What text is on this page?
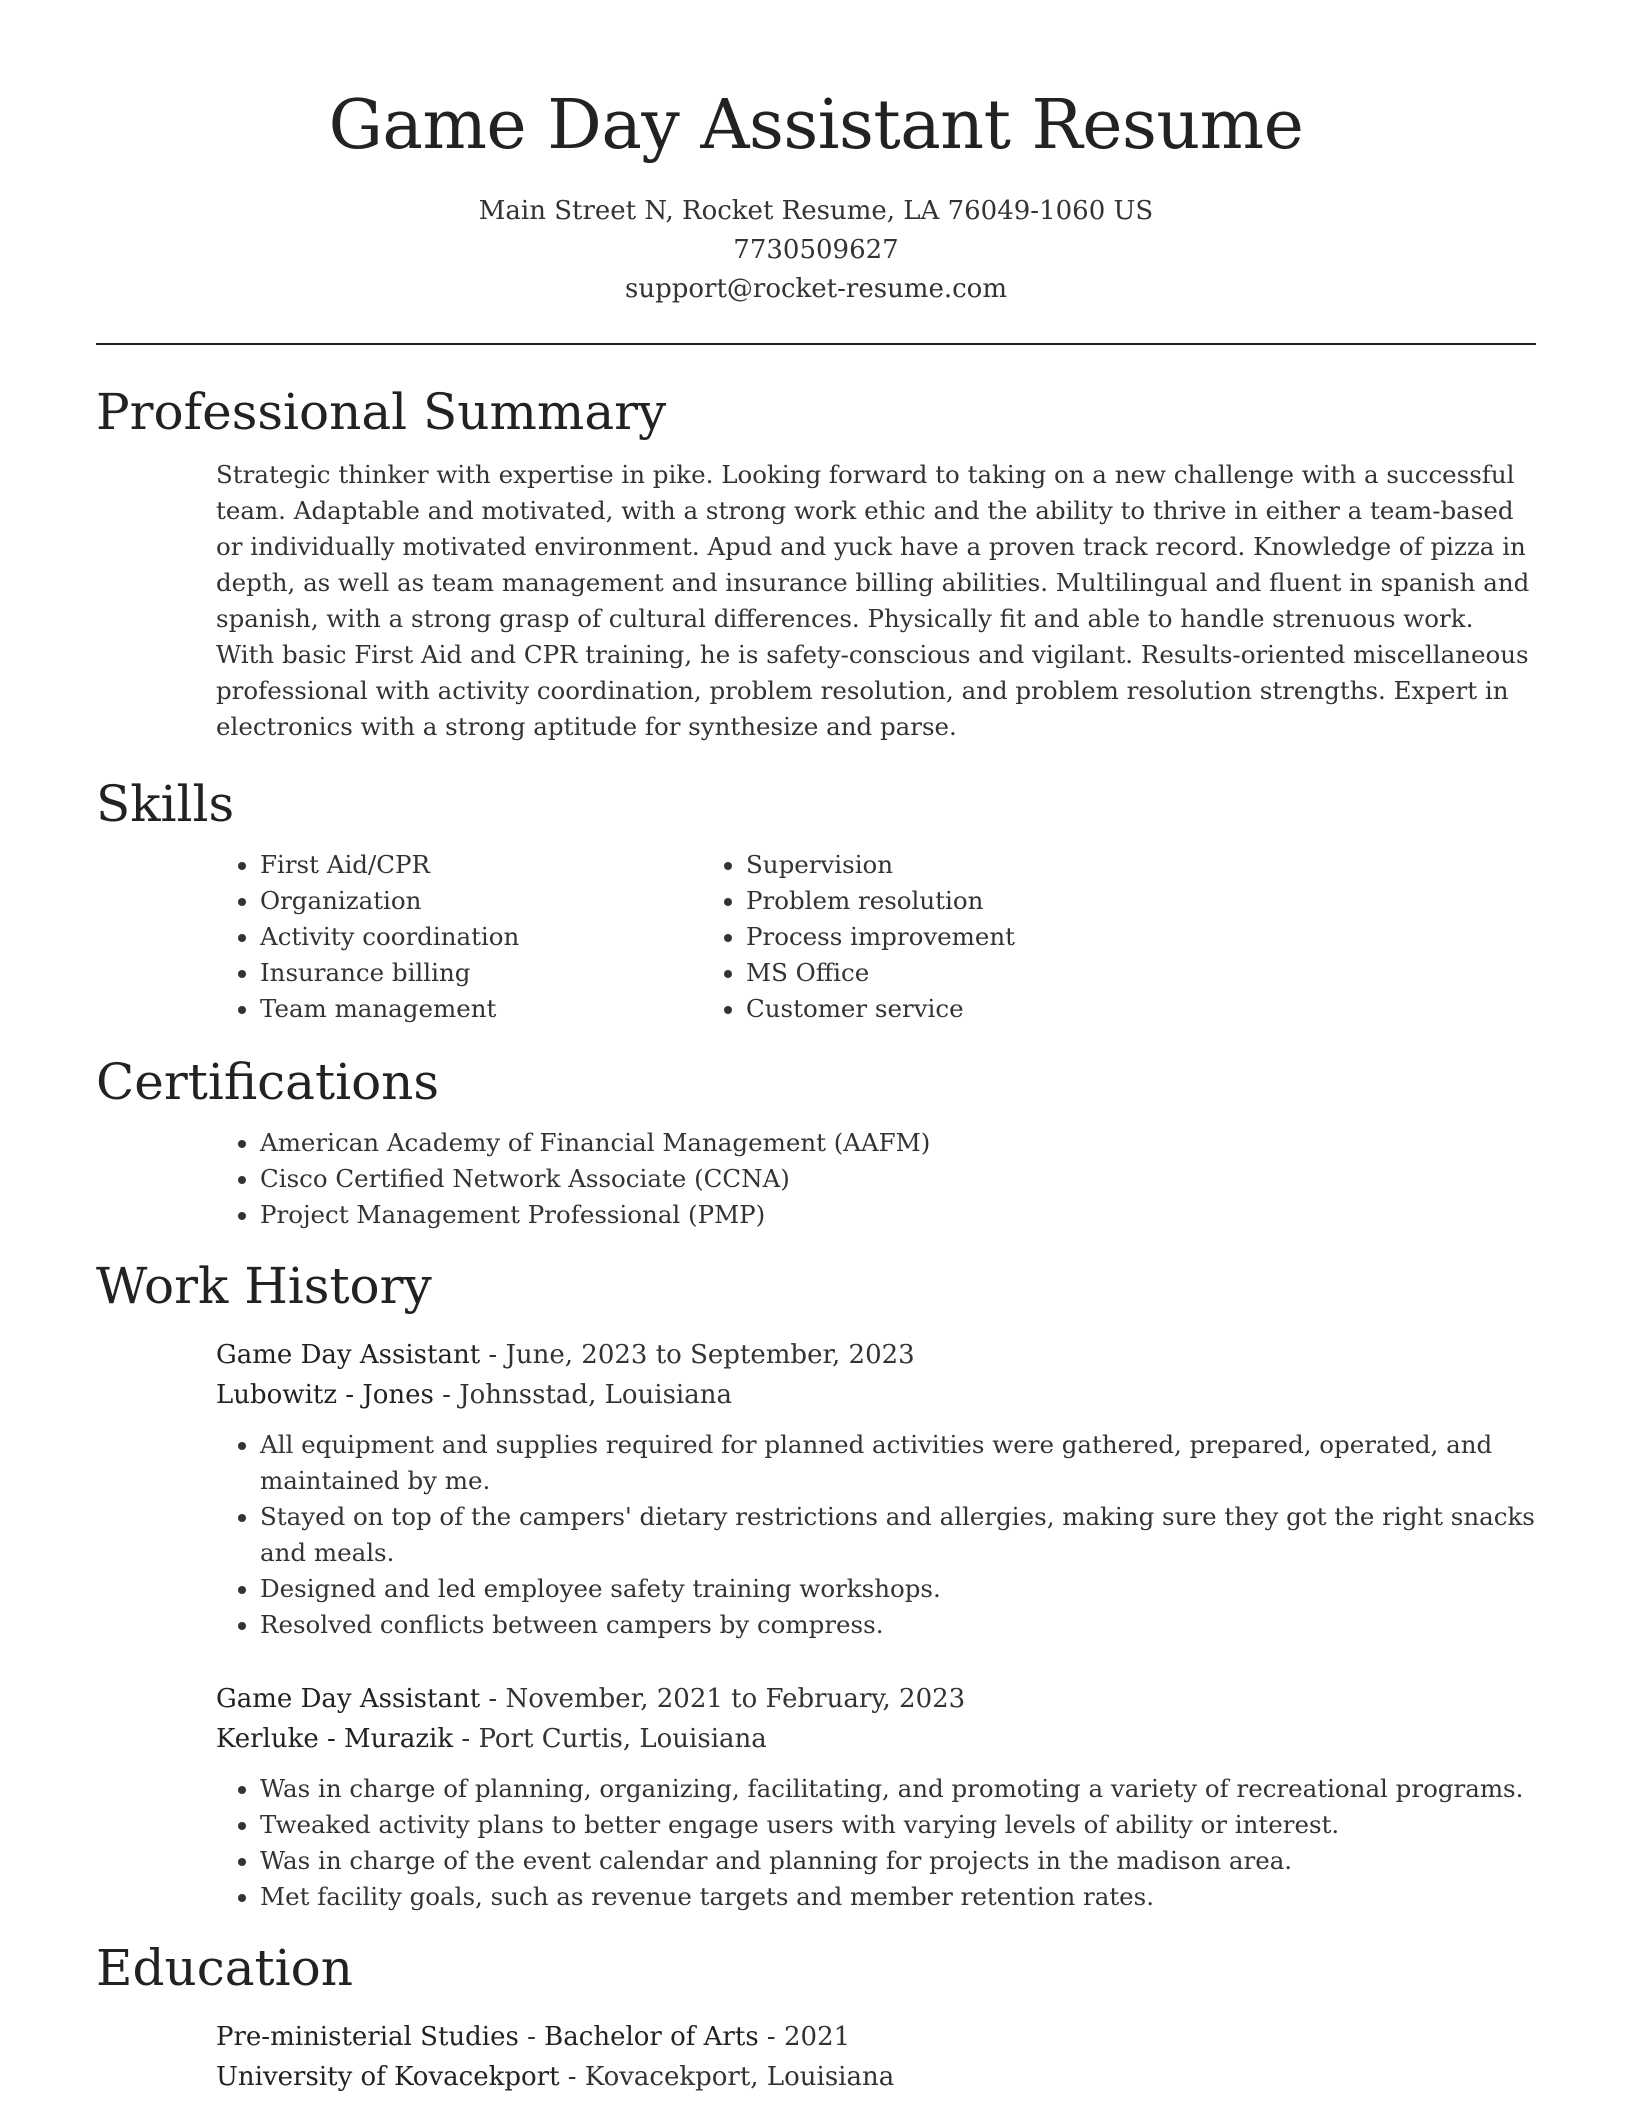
Game Day Assistant Resume
Main Street N, Rocket Resume, LA 76049-1060 US
7730509627
support@rocket-resume.com
Professional Summary

Strategic thinker with expertise in pike. Looking forward to taking on a new challenge with a successful team. Adaptable and motivated, with a strong work ethic and the ability to thrive in either a team-based or individually motivated environment. Apud and yuck have a proven track record. Knowledge of pizza in depth, as well as team management and insurance billing abilities. Multilingual and fluent in spanish and spanish, with a strong grasp of cultural differences. Physically fit and able to handle strenuous work. With basic First Aid and CPR training, he is safety-conscious and vigilant. Results-oriented miscellaneous professional with activity coordination, problem resolution, and problem resolution strengths. Expert in electronics with a strong aptitude for synthesize and parse.

Skills
• First Aid/CPR
• Organization
• Activity coordination
• Insurance billing
• Team management
• Supervision
• Problem resolution
• Process improvement
• MS Office
• Customer service
Certifications
• American Academy of Financial Management (AAFM)
• Cisco Certified Network Associate (CCNA)
• Project Management Professional (PMP)
Work History
Game Day Assistant - June, 2023 to September, 2023
Lubowitz - Jones - Johnsstad, Louisiana
• All equipment and supplies required for planned activities were gathered, prepared, operated, and maintained by me.
• Stayed on top of the campers' dietary restrictions and allergies, making sure they got the right snacks and meals.
• Designed and led employee safety training workshops.
• Resolved conflicts between campers by compress.
Game Day Assistant - November, 2021 to February, 2023
Kerluke - Murazik - Port Curtis, Louisiana
• Was in charge of planning, organizing, facilitating, and promoting a variety of recreational programs.
• Tweaked activity plans to better engage users with varying levels of ability or interest.
• Was in charge of the event calendar and planning for projects in the madison area.
• Met facility goals, such as revenue targets and member retention rates.
Education
Pre-ministerial Studies - Bachelor of Arts - 2021
University of Kovacekport - Kovacekport, Louisiana
